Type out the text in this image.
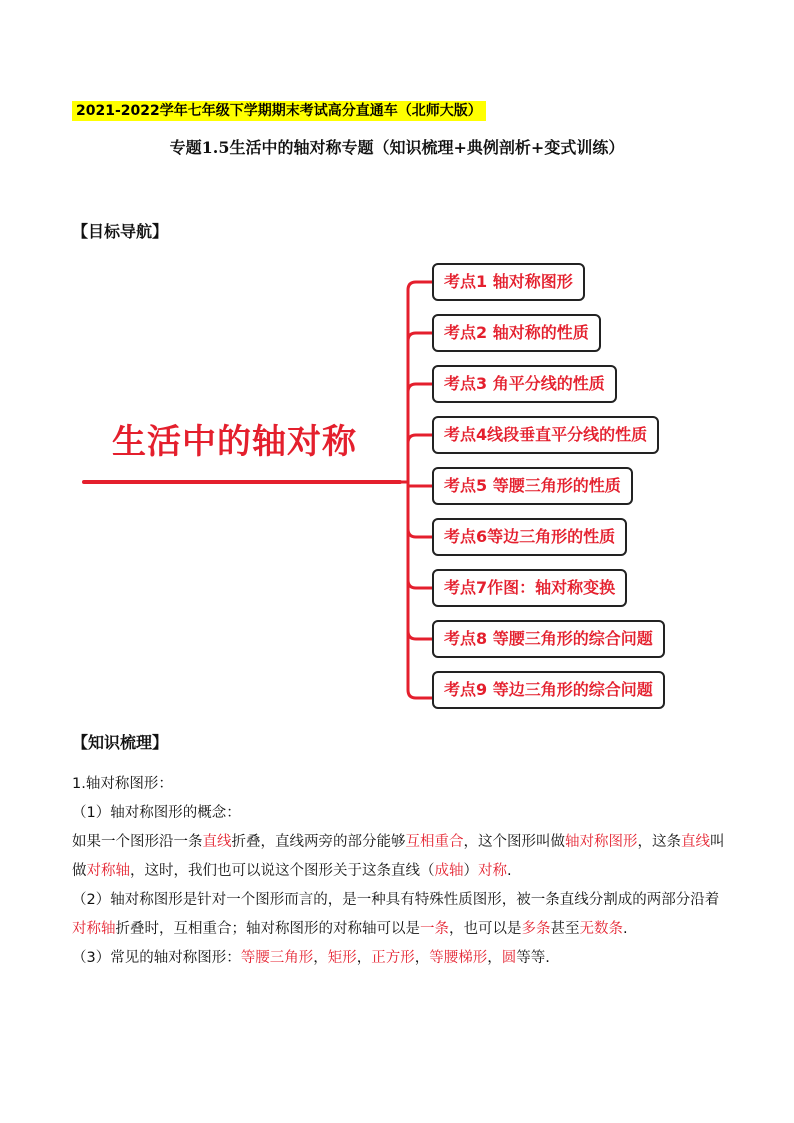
2021-2022学年七年级下学期期末考试高分直通车（北师大版）
专题1.5生活中的轴对称专题（知识梳理+典例剖析+变式训练）
【目标导航】
生活中的轴对称
考点1 轴对称图形
考点2 轴对称的性质
考点3 角平分线的性质
考点4线段垂直平分线的性质
考点5 等腰三角形的性质
考点6等边三角形的性质
考点7作图：轴对称变换
考点8 等腰三角形的综合问题
考点9 等边三角形的综合问题
【知识梳理】

1.轴对称图形：

（1）轴对称图形的概念：

如果一个图形沿一条直线折叠，直线两旁的部分能够互相重合，这个图形叫做轴对称图形，这条直线叫做对称轴，这时，我们也可以说这个图形关于这条直线（成轴）对称.

（2）轴对称图形是针对一个图形而言的，是一种具有特殊性质图形，被一条直线分割成的两部分沿着对称轴折叠时，互相重合；轴对称图形的对称轴可以是一条，也可以是多条甚至无数条.

（3）常见的轴对称图形：等腰三角形，矩形，正方形，等腰梯形，圆等等.
